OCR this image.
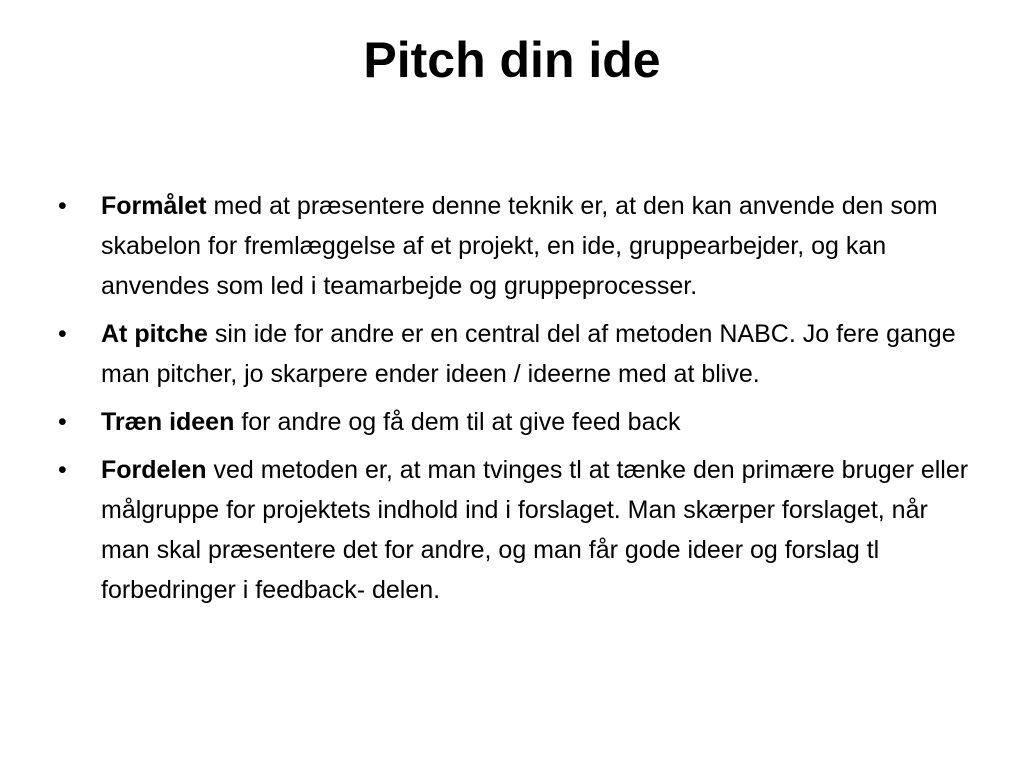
Pitch din ide
•	Formålet med at præsentere denne teknik er, at den kan anvende den som skabelon for fremlæggelse af et projekt, en ide, gruppearbejder, og kan anvendes som led i teamarbejde og gruppeprocesser.
•	At pitche sin ide for andre er en central del af metoden NABC. Jo fere gange man pitcher, jo skarpere ender ideen / ideerne med at blive.
•	Træn ideen for andre og få dem til at give feed back
•	Fordelen ved metoden er, at man tvinges tl at tænke den primære bruger eller målgruppe for projektets indhold ind i forslaget. Man skærper forslaget, når man skal præsentere det for andre, og man får gode ideer og forslag tl forbedringer i feedback- delen.
